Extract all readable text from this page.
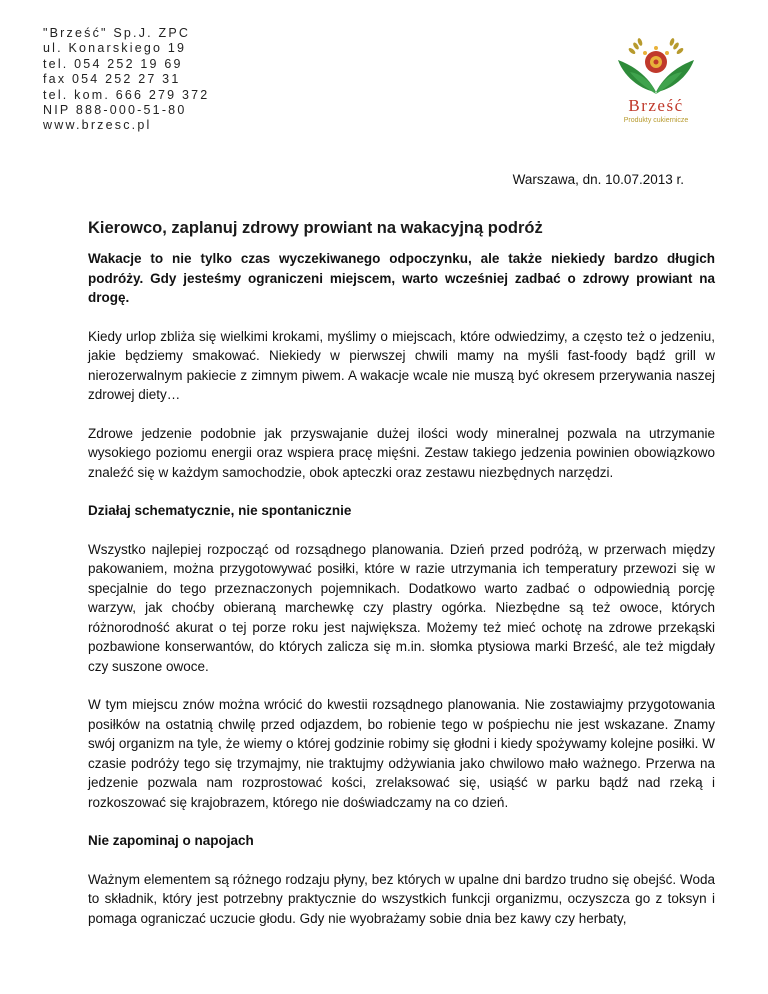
"Brześć" Sp.J. ZPC
ul. Konarskiego 19
tel. 054 252 19 69
fax 054 252 27 31
tel. kom. 666 279 372
NIP 888-000-51-80
www.brzesc.pl
Brześć
Produkty cukiernicze
Warszawa, dn. 10.07.2013 r.
Kierowco, zaplanuj zdrowy prowiant na wakacyjną podróż

Wakacje to nie tylko czas wyczekiwanego odpoczynku, ale także niekiedy bardzo długich podróży. Gdy jesteśmy ograniczeni miejscem, warto wcześniej zadbać o zdrowy prowiant na drogę.

Kiedy urlop zbliża się wielkimi krokami, myślimy o miejscach, które odwiedzimy, a często też o jedzeniu, jakie będziemy smakować. Niekiedy w pierwszej chwili mamy na myśli fast-foody bądź grill w nierozerwalnym pakiecie z zimnym piwem. A wakacje wcale nie muszą być okresem przerywania naszej zdrowej diety…

Zdrowe jedzenie podobnie jak przyswajanie dużej ilości wody mineralnej pozwala na utrzymanie wysokiego poziomu energii oraz wspiera pracę mięśni. Zestaw takiego jedzenia powinien obowiązkowo znaleźć się w każdym samochodzie, obok apteczki oraz zestawu niezbędnych narzędzi.

Działaj schematycznie, nie spontanicznie

Wszystko najlepiej rozpocząć od rozsądnego planowania. Dzień przed podróżą, w przerwach między pakowaniem, można przygotowywać posiłki, które w razie utrzymania ich temperatury przewozi się w specjalnie do tego przeznaczonych pojemnikach. Dodatkowo warto zadbać o odpowiednią porcję warzyw, jak choćby obieraną marchewkę czy plastry ogórka. Niezbędne są też owoce, których różnorodność akurat o tej porze roku jest największa. Możemy też mieć ochotę na zdrowe przekąski pozbawione konserwantów, do których zalicza się m.in. słomka ptysiowa marki Brześć, ale też migdały czy suszone owoce.

W tym miejscu znów można wrócić do kwestii rozsądnego planowania. Nie zostawiajmy przygotowania posiłków na ostatnią chwilę przed odjazdem, bo robienie tego w pośpiechu nie jest wskazane. Znamy swój organizm na tyle, że wiemy o której godzinie robimy się głodni i kiedy spożywamy kolejne posiłki. W czasie podróży tego się trzymajmy, nie traktujmy odżywiania jako chwilowo mało ważnego. Przerwa na jedzenie pozwala nam rozprostować kości, zrelaksować się, usiąść w parku bądź nad rzeką i rozkoszować się krajobrazem, którego nie doświadczamy na co dzień.

Nie zapominaj o napojach

Ważnym elementem są różnego rodzaju płyny, bez których w upalne dni bardzo trudno się obejść. Woda to składnik, który jest potrzebny praktycznie do wszystkich funkcji organizmu, oczyszcza go z toksyn i pomaga ograniczać uczucie głodu. Gdy nie wyobrażamy sobie dnia bez kawy czy herbaty,
